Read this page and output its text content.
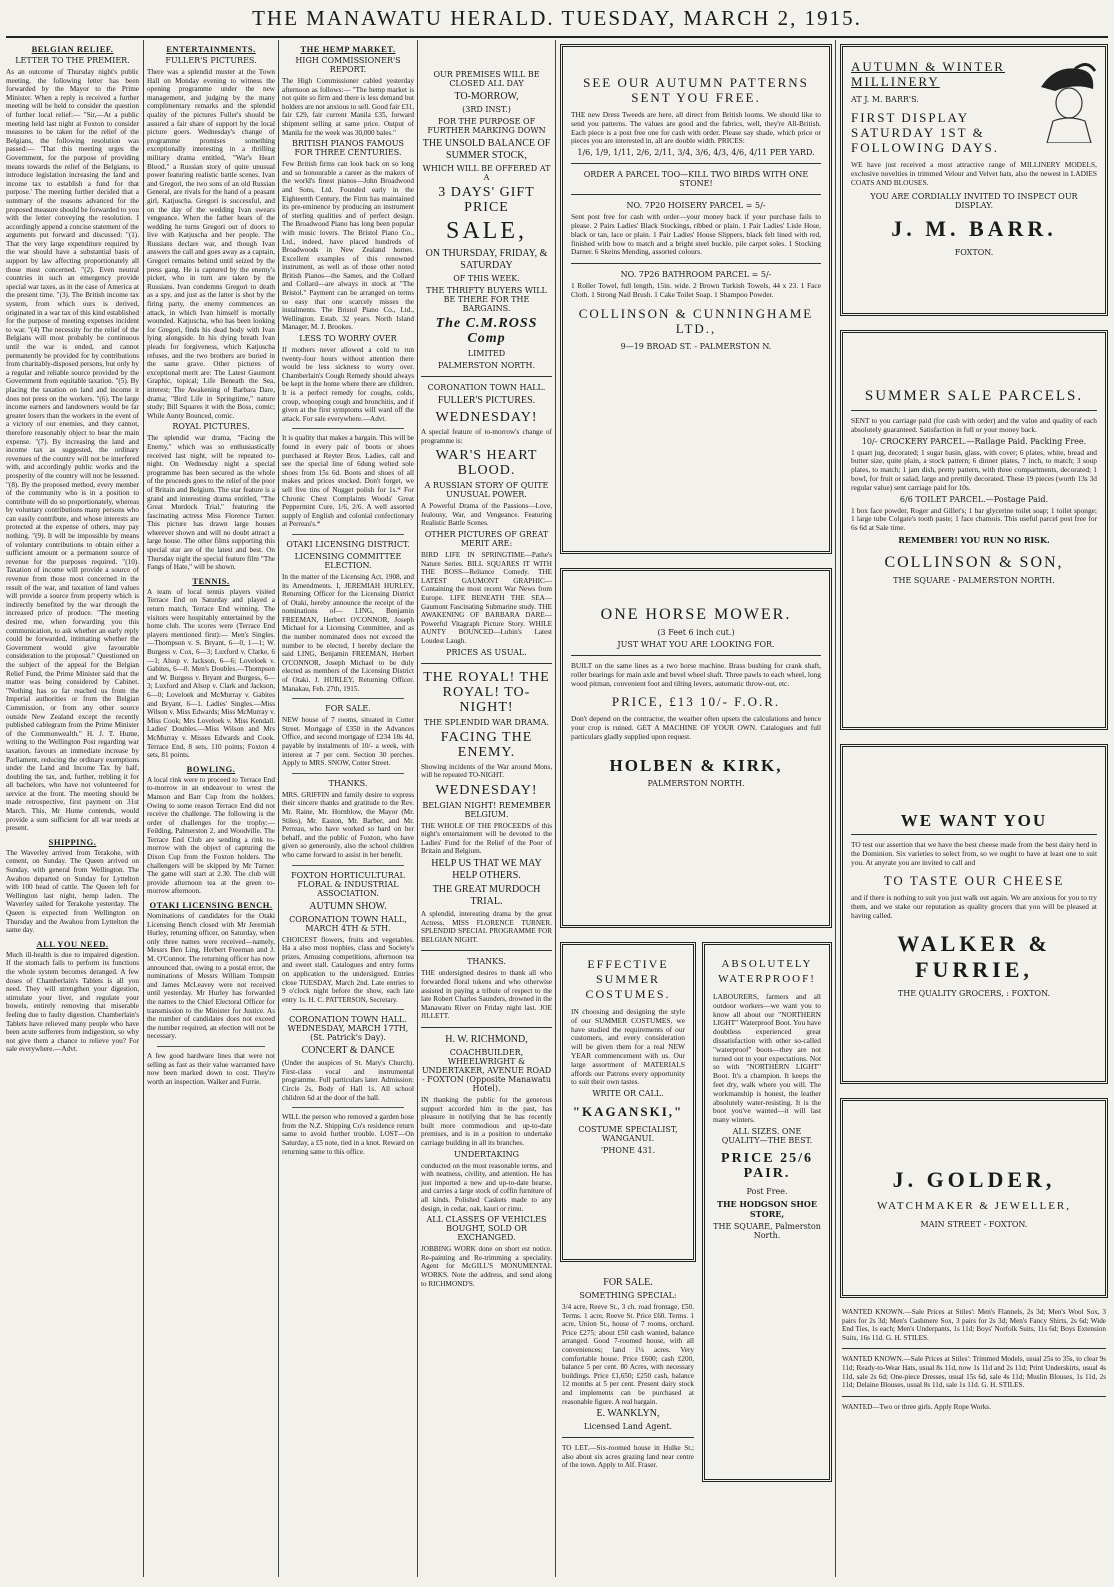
THE MANAWATU HERALD. TUESDAY, MARCH 2, 1915.
BELGIAN RELIEF.
LETTER TO THE PREMIER.

As an outcome of Thursday night's public meeting, the following letter has been forwarded by the Mayor to the Prime Minister. When a reply is received a further meeting will be held to consider the question of further local relief:— "Sir,—At a public meeting held last night at Foxton to consider measures to be taken for the relief of the Belgians, the following resolution was passed:— 'That this meeting urges the Government, for the purpose of providing means towards the relief of the Belgians, to introduce legislation increasing the land and income tax to establish a fund for that purpose.' The meeting further decided that a summary of the reasons advanced for the proposed measure should be forwarded to you with the letter conveying the resolution. I accordingly append a concise statement of the arguments put forward and discussed: "(1). That the very large expenditure required by the war should have a substantial basis of support by law affecting proportionately all those most concerned. "(2). Even neutral countries in such an emergency provide special war taxes, as in the case of America at the present time. "(3). The British income tax system, from which ours is derived, originated in a war tax of this kind established for the purpose of meeting expenses incident to war. "(4) The necessity for the relief of the Belgians will most probably be continuous until the war is ended, and cannot permanently be provided for by contributions from charitably-disposed persons, but only by a regular and reliable source provided by the Government from equitable taxation. "(5). By placing the taxation on land and income it does not press on the workers. "(6). The large income earners and landowners would be far greater losers than the workers in the event of a victory of our enemies, and they cannot, therefore reasonably object to bear the main expense. "(7). By increasing the land and income tax as suggested, the ordinary revenues of the country will not be interfered with, and accordingly public works and the prosperity of the country will not be lessened. "(8). By the proposed method, every member of the community who is in a position to contribute will do so proportionately, whereas by voluntary contributions many persons who can easily contribute, and whose interests are protected at the expense of others, may pay nothing. "(9). It will be impossible by means of voluntary contributions to obtain either a sufficient amount or a permanent source of revenue for the purposes required. "(10). Taxation of income will provide a source of revenue from those most concerned in the result of the war, and taxation of land values will provide a source from property which is indirectly benefited by the war through the increased price of produce. "The meeting desired me, when forwarding you this communication, to ask whether an early reply could be forwarded, intimating whether the Government would give favourable consideration to the proposal." Questioned on the subject of the appeal for the Belgian Relief Fund, the Prime Minister said that the matter was being considered by Cabinet. "Nothing has so far reached us from the Imperial authorities or from the Belgian Commission, or from any other source outside New Zealand except the recently published cablegram from the Prime Minister of the Commonwealth." H. J. T. Hume, writing to the Wellington Post regarding war taxation, favours an immediate increase by Parliament, reducing the ordinary exemptions under the Land and Income Tax by half, doubling the tax, and, further, trebling it for all bachelors, who have not volunteered for service at the front. The meeting should be made retrospective, first payment on 31st March. This, Mr Hume contends, would provide a sum sufficient for all war needs at present.

SHIPPING.

The Waverley arrived from Terakohe, with cement, on Sunday. The Queen arrived on Sunday, with general from Wellington. The Awahou departed on Sunday for Lyttelton with 100 head of cattle. The Queen left for Wellington last night, hemp laden. The Waverley sailed for Terakohe yesterday. The Queen is expected from Wellington on Thursday and the Awahou from Lyttelton the same day.

ALL YOU NEED.

Much ill-health is due to impaired digestion. If the stomach fails to perform its functions the whole system becomes deranged. A few doses of Chamberlain's Tablets is all you need. They will strengthen your digestion, stimulate your liver, and regulate your bowels, entirely removing that miserable feeling due to faulty digestion. Chamberlain's Tablets have relieved many people who have been acute sufferers from indigestion, so why not give them a chance to relieve you? For sale everywhere.—Advt.

ENTERTAINMENTS.
FULLER'S PICTURES.

There was a splendid muster at the Town Hall on Monday evening to witness the opening programme under the new management, and judging by the many complimentary remarks and the splendid quality of the pictures Fuller's should be assured a fair share of support by the local picture goers. Wednesday's change of programme promises something exceptionally interesting in a thrilling military drama entitled, "War's Heart Blood," a Russian story of quite unusual power featuring realistic battle scenes. Ivan and Gregori, the two sons of an old Russian General, are rivals for the hand of a peasant girl, Katjuscha. Gregori is successful, and on the day of the wedding Ivan swears vengeance. When the father hears of the wedding he turns Gregori out of doors to live with Katjuscha and her people. The Russians declare war, and though Ivan answers the call and goes away as a captain, Gregori remains behind until seized by the press gang. He is captured by the enemy's picket, who in turn are taken by the Russians. Ivan condemns Gregori to death as a spy, and just as the latter is shot by the firing party, the enemy commences an attack, in which Ivan himself is mortally wounded. Katjuscha, who has been looking for Gregori, finds his dead body with Ivan lying alongside. In his dying breath Ivan pleads for forgiveness, which Katjuscha refuses, and the two brothers are buried in the same grave. Other pictures of exceptional merit are: The Latest Gaumont Graphic, topical; Life Beneath the Sea, interest; The Awakening of Barbara Dare, drama; "Bird Life in Springtime," nature study; Bill Squares it with the Boss, comic; While Aunty Bounced, comic.

ROYAL PICTURES.

The splendid war drama, "Facing the Enemy," which was so enthusiastically received last night, will be repeated to-night. On Wednesday night a special programme has been secured as the whole of the proceeds goes to the relief of the poor of Britain and Belgium. The star feature is a grand and interesting drama entitled, "The Great Murdock Trial," featuring the fascinating actress Miss Florence Turner. This picture has drawn large houses wherever shown and will no doubt attract a large house. The other films supporting this special star are of the latest and best. On Thursday night the special feature film "The Fangs of Hate," will be shown.

TENNIS.

A team of local tennis players visited Terrace End on Saturday and played a return match, Terrace End winning. The visitors were hospitably entertained by the home club. The scores were (Terrace End players mentioned first):— Men's Singles.—Thompson v. S. Bryant, 6—0, 1—1; W. Burgess v. Cox, 6—3; Luxford v. Clarke, 6—1; Alsop v. Jackson, 6—6; Loveloek v. Gabites, 6—0. Men's Doubles.—Thompson and W. Burgess v. Bryant and Burgess, 6—3; Luxford and Alsop v. Clark and Jackson, 6—0; Loveloek and McMurray v. Gabites and Bryant, 6—1. Ladies' Singles.—Miss Wilson v. Miss Edwards; Miss McMurray v. Miss Cook; Mrs Loveloek v. Miss Kendall. Ladies' Doubles.—Miss Wilson and Mrs McMurray v. Misses Edwards and Cook. Terrace End, 8 sets, 110 points; Foxton 4 sets, 81 points.

BOWLING.

A local rink were to proceed to Terrace End to-morrow in an endeavour to wrest the Manson and Barr Cup from the holders. Owing to some reason Terrace End did not receive the challenge. The following is the order of challenges for the trophy:—Feilding, Palmerston 2, and Woodville. The Terrace End Club are sending a rink to-morrow with the object of capturing the Dixon Cup from the Foxton holders. The challengers will be skipped by Mr Turner. The game will start at 2.30. The club will provide afternoon tea at the green to-morrow afternoon.

OTAKI LICENSING BENCH.

Nominations of candidates for the Otaki Licensing Bench closed with Mr Jeremiah Hurley, returning officer, on Saturday, when only three names were received—namely, Messrs Ben Ling, Herbert Freeman and J. M. O'Connor. The returning officer has now announced that, owing to a postal error, the nominations of Messrs William Tompsitt and James McLeavey were not received until yesterday. Mr Hurley has forwarded the names to the Chief Electoral Officer for transmission to the Minister for Justice. As the number of candidates does not exceed the number required, an election will not be necessary.

A few good hardware lines that were not selling as fast as their value warranted have now been marked down to cost. They're worth an inspection. Walker and Furrie.

THE HEMP MARKET.
HIGH COMMISSIONER'S REPORT.

The High Commissioner cabled yesterday afternoon as follows:— "The hemp market is not quite so firm and there is less demand but holders are not anxious to sell. Good fair £31, fair £29, fair current Manila £35, forward shipment selling at same price. Output of Manila for the week was 30,000 bales."

BRITISH PIANOS FAMOUS FOR THREE CENTURIES.

Few British firms can look back on so long and so honourable a career as the makers of the world's finest pianos—John Broadwood and Sons, Ltd. Founded early in the Eighteenth Century, the Firm has maintained its pre-eminence by producing an instrument of sterling qualities and of perfect design. The Broadwood Piano has long been popular with music lovers. The Bristol Piano Co., Ltd., indeed, have placed hundreds of Broadwoods in New Zealand homes. Excellent examples of this renowned instrument, as well as of those other noted British Pianos—the Sames, and the Collard and Collard—are always in stock at "The Bristol." Payment can be arranged on terms so easy that one scarcely misses the instalments. The Bristol Piano Co., Ltd., Wellington. Estab. 32 years. North Island Manager, M. J. Brookes.

LESS TO WORRY OVER

If mothers never allowed a cold to run twenty-four hours without attention there would be less sickness to worry over. Chamberlain's Cough Remedy should always be kept in the home where there are children. It is a perfect remedy for coughs, colds, croup, whooping cough and bronchitis, and if given at the first symptoms will ward off the attack. For sale everywhere.—Advt.

It is quality that makes a bargain. This will be found in every pair of boots or shoes purchased at Reyter Bros. Ladies, call and see the special line of 6dung welted sole shoes from 15s 6d. Boots and shoes of all makes and prices stocked. Don't forget, we sell five tins of Nugget polish for 1s.* For Chronic Chest Complaints Woods' Great Peppermint Cure, 1/6, 2/6. A well assorted supply of English and colonial confectionary at Perreau's.*

OTAKI LICENSING DISTRICT.
LICENSING COMMITTEE ELECTION.

In the matter of the Licensing Act, 1908, and its Amendments. I, JEREMIAH HURLEY, Returning Officer for the Licensing District of Otaki, hereby announce the receipt of the nominations of— LING, Benjamin FREEMAN, Herbert O'CONNOR, Joseph Michael for a Licensing Committee, and as the number nominated does not exceed the number to be elected, I hereby declare the said LING, Benjamin FREEMAN, Herbert O'CONNOR, Joseph Michael to be duly elected as members of the Licensing District of Otaki. J. HURLEY, Returning Officer. Manakau, Feb. 27th, 1915.

FOR SALE.

NEW house of 7 rooms, situated in Cotter Street. Mortgage of £350 in the Advances Office, and second mortgage of £234 18s 4d, payable by instalments of 10/- a week, with interest at 7 per cent. Section 30 perches. Apply to MRS. SNOW, Cotter Street.

THANKS.

MRS. GRIFFIN and family desire to express their sincere thanks and gratitude to the Rev. Mr. Raine, Mr. Hornblow, the Mayor (Mr. Stiles), Mr. Easton, Mr. Barber, and Mr. Perreau, who have worked so hard on her behalf, and the public of Foxton, who have given so generously, also the school children who came forward to assist in her benefit.

FOXTON HORTICULTURAL FLORAL & INDUSTRIAL ASSOCIATION.
AUTUMN SHOW.
CORONATION TOWN HALL, MARCH 4TH & 5TH.

CHOICEST flowers, fruits and vegetables. Ha a also most trophies, class and Society's prizes, Amusing competitions, afternoon tea and sweet stall. Catalogues and entry forms on application to the undersigned. Entries close TUESDAY, March 2nd. Late entries to 9 o'clock night before the show, each late entry 1s. H. C. PATTERSON, Secretary.

CORONATION TOWN HALL. WEDNESDAY, MARCH 17TH, (St. Patrick's Day).
CONCERT & DANCE

(Under the auspices of St. Mary's Church). First-class vocal and instrumental programme. Full particulars later. Admission: Circle 2s, Body of Hall 1s. All school children 6d at the door of the hall.

WILL the person who removed a garden hose from the N.Z. Shipping Co's residence return same to avoid further trouble. LOST—On Saturday, a £5 note, tied in a knot. Reward on returning same to this office.

OUR PREMISES WILL BE CLOSED ALL DAY
TO-MORROW,
(3RD INST.)
FOR THE PURPOSE OF FURTHER MARKING DOWN
THE UNSOLD BALANCE OF SUMMER STOCK,
WHICH WILL BE OFFERED AT A
3 DAYS' GIFT PRICE
SALE,
ON THURSDAY, FRIDAY, & SATURDAY
OF THIS WEEK.
THE THRIFTY BUYERS WILL BE THERE FOR THE BARGAINS.
The C.M.ROSS Comp
LIMITED
PALMERSTON NORTH.
CORONATION TOWN HALL.
FULLER'S PICTURES.
WEDNESDAY!

A special feature of to-morrow's change of programme is:

WAR'S HEART BLOOD.
A RUSSIAN STORY OF QUITE UNUSUAL POWER.

A Powerful Drama of the Passions—Love, Jealousy, War, and Vengeance. Featuring Realistic Battle Scenes.

OTHER PICTURES OF GREAT MERIT ARE:

BIRD LIFE IN SPRINGTIME—Pathe's Nature Series. BILL SQUARES IT WITH THE BOSS—Reliance Comedy. THE LATEST GAUMONT GRAPHIC—Containing the most recent War News from Europe. LIFE BENEATH THE SEA—Gaumont Fascinating Submarine study. THE AWAKENING OF BARBARA DARE—Powerful Vitagraph Picture Story. WHILE AUNTY BOUNCED—Lubin's Latest Loudest Laugh.

PRICES AS USUAL.
THE ROYAL! THE ROYAL! TO-NIGHT!
THE SPLENDID WAR DRAMA.
FACING THE ENEMY.

Showing incidents of the War around Mons, will be repeated TO-NIGHT.

WEDNESDAY!
BELGIAN NIGHT! REMEMBER BELGIUM.

THE WHOLE OF THE PROCEEDS of this night's entertainment will be devoted to the Ladies' Fund for the Relief of the Poor of Britain and Belgium.

HELP US THAT WE MAY HELP OTHERS.
THE GREAT MURDOCH TRIAL.

A splendid, interesting drama by the great Actress, MISS FLORENCE TURNER. SPLENDID SPECIAL PROGRAMME FOR BELGIAN NIGHT.

THANKS.

THE undersigned desires to thank all who forwarded floral tokens and who otherwise assisted in paying a tribute of respect to the late Robert Charles Saunders, drowned in the Manawatu River on Friday night last. JOE JILLETT.

H. W. RICHMOND,
COACHBUILDER, WHEELWRIGHT & UNDERTAKER, AVENUE ROAD - FOXTON (Opposite Manawatu Hotel).

IN thanking the public for the generous support accorded him in the past, has pleasure in notifying that he has recently built more commodious and up-to-date premises, and is in a position to undertake carriage building in all its branches.

UNDERTAKING

conducted on the most reasonable terms, and with neatness, civility, and attention. He has just imported a new and up-to-date hearse, and carries a large stock of coffin furniture of all kinds. Polished Caskets made to any design, in cedar, oak, kauri or rimu.

ALL CLASSES OF VEHICLES BOUGHT, SOLD OR EXCHANGED.

JOBBING WORK done on short est notice. Re-painting and Re-trimming a speciality. Agent for McGILL'S MONUMENTAL WORKS. Note the address, and send along to RICHMOND'S.

SEE OUR AUTUMN PATTERNS SENT YOU FREE.

THE new Dress Tweeds are here, all direct from British looms. We should like to send you patterns. The values are good and the fabrics, well, they're All-British. Each piece is a post free one for cash with order. Please say shade, which price or pieces you are interested in, all are double width. PRICES:

1/6, 1/9, 1/11, 2/6, 2/11, 3/4, 3/6, 4/3, 4/6, 4/11 PER YARD.
ORDER A PARCEL TOO—KILL TWO BIRDS WITH ONE STONE!
NO. 7P20 HOISERY PARCEL = 5/-

Sent post free for cash with order—your money back if your purchase fails to please. 2 Pairs Ladies' Black Stockings, ribbed or plain. 1 Pair Ladies' Lisle Hose, black or tan, lace or plain. 1 Pair Ladies' House Slippers, black felt lined with red, finished with bow to match and a bright steel buckle, pile carpet soles. 1 Stocking Darner. 6 Skeins Mending, assorted colours.

NO. 7P26 BATHROOM PARCEL = 5/-

1 Roller Towel, full length, 15in. wide. 2 Brown Turkish Towels, 44 x 23. 1 Face Cloth. 1 Strong Nail Brush. 1 Cake Toilet Soap. 1 Shampoo Powder.

COLLINSON & CUNNINGHAME LTD.,
9—19 BROAD ST. - PALMERSTON N.
ONE HORSE MOWER.
(3 Feet 6 inch cut.)
JUST WHAT YOU ARE LOOKING FOR.

BUILT on the same lines as a two horse machine. Brass bushing for crank shaft, roller bearings for main axle and bevel wheel shaft. Three pawls to each wheel, long wood pitman, convenient foot and tilting levers, automatic throw-out, etc.

PRICE, £13 10/- F.O.R.

Don't depend on the contractor, the weather often upsets the calculations and hence your crop is ruined. GET A MACHINE OF YOUR OWN. Catalogues and full particulars gladly supplied upon request.

HOLBEN & KIRK,
PALMERSTON NORTH.
EFFECTIVE SUMMER COSTUMES.

IN choosing and designing the style of our SUMMER COSTUMES, we have studied the requirements of our customers, and every consideration will be given them for a real NEW YEAR commencement with us. Our large assortment of MATERIALS affords our Patrons every opportunity to suit their own tastes.

WRITE OR CALL.
"KAGANSKI,"
COSTUME SPECIALIST, WANGANUI.
'PHONE 431.
FOR SALE.
SOMETHING SPECIAL:

3/4 acre, Reeve St., 3 ch. road frontage, £50. Terms. 1 acre, Reeve St. Price £60. Terms. 1 acre, Union St., house of 7 rooms, orchard. Price £275; about £50 cash wanted, balance arranged. Good 7-roomed house, with all conveniences; land 1¼ acres. Very comfortable house. Price £600; cash £200, balance 5 per cent. 80 Acres, with necessary buildings. Price £1,650; £250 cash, balance 12 months at 5 per cent. Present dairy stock and implements can be purchased at reasonable figure. A real bargain.

E. WANKLYN,
Licensed Land Agent.

TO LET.—Six-roomed house in Hulke St.; also about six acres grazing land near centre of the town. Apply to Alf. Fraser.

ABSOLUTELY WATERPROOF!

LABOURERS, farmers and all outdoor workers—we want you to know all about our "NORTHERN LIGHT" Waterproof Boot. You have doubtless experienced great dissatisfaction with other so-called "waterproof" boots—they are not turned out to your expectations. Not so with "NORTHERN LIGHT" Boot. It's a champion. It keeps the feet dry, walk where you will. The workmanship is honest, the leather absolutely water-resisting. It is the boot you've wanted—it will last many winters.

ALL SIZES. ONE QUALITY—THE BEST.
PRICE 25/6 PAIR.
Post Free.
THE HODGSON SHOE STORE,
THE SQUARE, Palmerston North.
AUTUMN & WINTER MILLINERY
AT J. M. BARR'S.
FIRST DISPLAY SATURDAY 1ST & FOLLOWING DAYS.

WE have just received a most attractive range of MILLINERY MODELS, exclusive novelties in trimmed Velour and Velvet hats, also the newest in LADIES COATS AND BLOUSES.

YOU ARE CORDIALLY INVITED TO INSPECT OUR DISPLAY.
J. M. BARR.
FOXTON.
SUMMER SALE PARCELS.

SENT to you carriage paid (for cash with order) and the value and quality of each absolutely guaranteed. Satisfaction in full or your money back.

10/- CROCKERY PARCEL.—Railage Paid. Packing Free.

1 quart jug, decorated; 1 sugar basin, glass, with cover; 6 plates, white, bread and butter size, quite plain, a stock pattern; 6 dinner plates, 7 inch, to match; 3 soup plates, to match; 1 jam dish, pretty pattern, with three compartments, decorated; 1 bowl, for fruit or salad, large and prettily decorated. These 19 pieces (worth 13s 3d regular value) sent carriage paid for 10s.

6/6 TOILET PARCEL.—Postage Paid.

1 box face powder, Roger and Gillet's; 1 bar glycerine toilet soap; 1 toilet sponge; 1 large tube Colgate's tooth paste; 1 face chamois. This useful parcel post free for 6s 6d at Sale time.

REMEMBER! YOU RUN NO RISK.
COLLINSON & SON,
THE SQUARE - PALMERSTON NORTH.
WE WANT YOU

TO test our assertion that we have the best cheese made from the best dairy herd in the Dominion. Six varieties to select from, so we ought to have at least one to suit you. At anyrate you are invited to call and

TO TASTE OUR CHEESE

and if there is nothing to suit you just walk out again. We are anxious for you to try them, and we stake our reputation as quality grocers that you will be pleased at having called.

WALKER & FURRIE,
THE QUALITY GROCERS, : FOXTON.
J. GOLDER,
WATCHMAKER & JEWELLER,
MAIN STREET - FOXTON.

WANTED KNOWN.—Sale Prices at Stiles': Men's Flannels, 2s 3d; Men's Wool Sox, 3 pairs for 2s 3d; Men's Cashmere Sox, 3 pairs for 2s 3d; Men's Fancy Shirts, 2s 6d; Wide End Ties, 1s each; Men's Underpants, 1s 11d; Boys' Norfolk Suits, 11s 6d; Boys Extension Suits, 16s 11d. G. H. STILES.

WANTED KNOWN.—Sale Prices at Stiles': Trimmed Models, usual 25s to 35s, to clear 9s 11d; Ready-to-Wear Hats, usual 8s 11d, now 1s 11d and 2s 11d; Print Underskirts, usual 4s 11d, sale 2s 6d; One-piece Dresses, usual 15s 6d, sale 4s 11d; Muslin Blouses, 1s 11d, 2s 11d; Delaine Blouses, usual 8s 11d, sale 1s 11d. G. H. STILES.

WANTED—Two or three girls. Apply Rope Works.
